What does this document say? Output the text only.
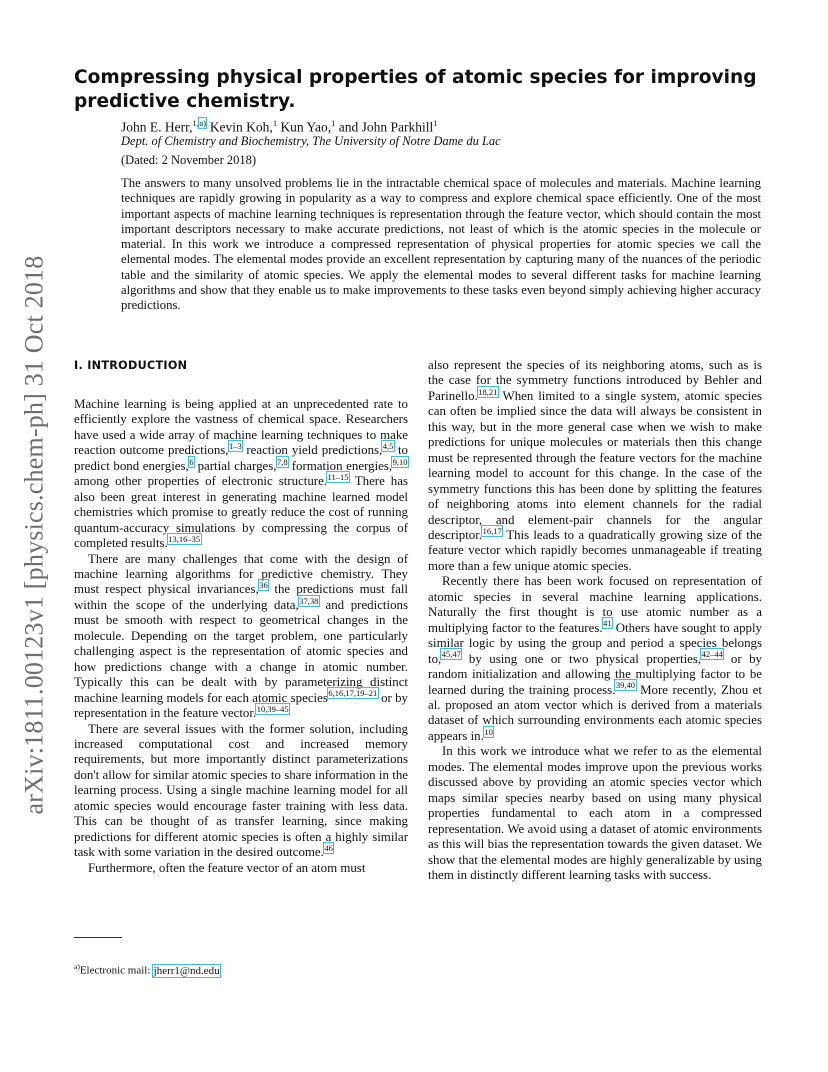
arXiv:1811.00123v1 [physics.chem-ph] 31 Oct 2018
Compressing physical properties of atomic species for improving predictive chemistry.

John E. Herr,$^{1,a)}$ Kevin Koh,$^1$ Kun Yao,$^1$ and John Parkhill$^1$

Dept. of Chemistry and Biochemistry, The University of Notre Dame du Lac

(Dated: 2 November 2018)

The answers to many unsolved problems lie in the intractable chemical space of molecules and materials. Machine learning techniques are rapidly growing in popularity as a way to compress and explore chemical space efficiently. One of the most important aspects of machine learning techniques is representation through the feature vector, which should contain the most important descriptors necessary to make accurate predictions, not least of which is the atomic species in the molecule or material. In this work we introduce a compressed representation of physical properties for atomic species we call the elemental modes. The elemental modes provide an excellent representation by capturing many of the nuances of the periodic table and the similarity of atomic species. We apply the elemental modes to several different tasks for machine learning algorithms and show that they enable us to make improvements to these tasks even beyond simply achieving higher accuracy predictions.

I. INTRODUCTION

Machine learning is being applied at an unprecedented rate to efficiently explore the vastness of chemical space. Researchers have used a wide array of machine learning techniques to make reaction outcome predictions,$^{1-3}$ reaction yield predictions,$^{4,5}$ to predict bond energies,$^6$ partial charges,$^{7,8}$ formation energies,$^{9,10}$ among other properties of electronic structure.$^{11-15}$ There has also been great interest in generating machine learned model chemistries which promise to greatly reduce the cost of running quantum-accuracy simulations by compressing the corpus of completed results.$^{13,16-35}$

There are many challenges that come with the design of machine learning algorithms for predictive chemistry. They must respect physical invariances,$^{36}$ the predictions must fall within the scope of the underlying data,$^{37,38}$ and predictions must be smooth with respect to geometrical changes in the molecule. Depending on the target problem, one particularly challenging aspect is the representation of atomic species and how predictions change with a change in atomic number. Typically this can be dealt with by parameterizing distinct machine learning models for each atomic species$^{6,16,17,19-21}$ or by representation in the feature vector.$^{10,39-45}$

There are several issues with the former solution, including increased computational cost and increased memory requirements, but more importantly distinct parameterizations don't allow for similar atomic species to share information in the learning process. Using a single machine learning model for all atomic species would encourage faster training with less data. This can be thought of as transfer learning, since making predictions for different atomic species is often a highly similar task with some variation in the desired outcome.$^{46}$

Furthermore, often the feature vector of an atom must

also represent the species of its neighboring atoms, such as is the case for the symmetry functions introduced by Behler and Parinello.$^{18,21}$ When limited to a single system, atomic species can often be implied since the data will always be consistent in this way, but in the more general case when we wish to make predictions for unique molecules or materials then this change must be represented through the feature vectors for the machine learning model to account for this change. In the case of the symmetry functions this has been done by splitting the features of neighboring atoms into element channels for the radial descriptor, and element-pair channels for the angular descriptor.$^{16,17}$ This leads to a quadratically growing size of the feature vector which rapidly becomes unmanageable if treating more than a few unique atomic species.

Recently there has been work focused on representation of atomic species in several machine learning applications. Naturally the first thought is to use atomic number as a multiplying factor to the features.$^{41}$ Others have sought to apply similar logic by using the group and period a species belongs to,$^{45,47}$ by using one or two physical properties,$^{42-44}$ or by random initialization and allowing the multiplying factor to be learned during the training process.$^{39,40}$ More recently, Zhou et al. proposed an atom vector which is derived from a materials dataset of which surrounding environments each atomic species appears in.$^{10}$

In this work we introduce what we refer to as the elemental modes. The elemental modes improve upon the previous works discussed above by providing an atomic species vector which maps similar species nearby based on using many physical properties fundamental to each atom in a compressed representation. We avoid using a dataset of atomic environments as this will bias the representation towards the given dataset. We show that the elemental modes are highly generalizable by using them in distinctly different learning tasks with success.

$^{a)}$Electronic mail: jherr1@nd.edu
